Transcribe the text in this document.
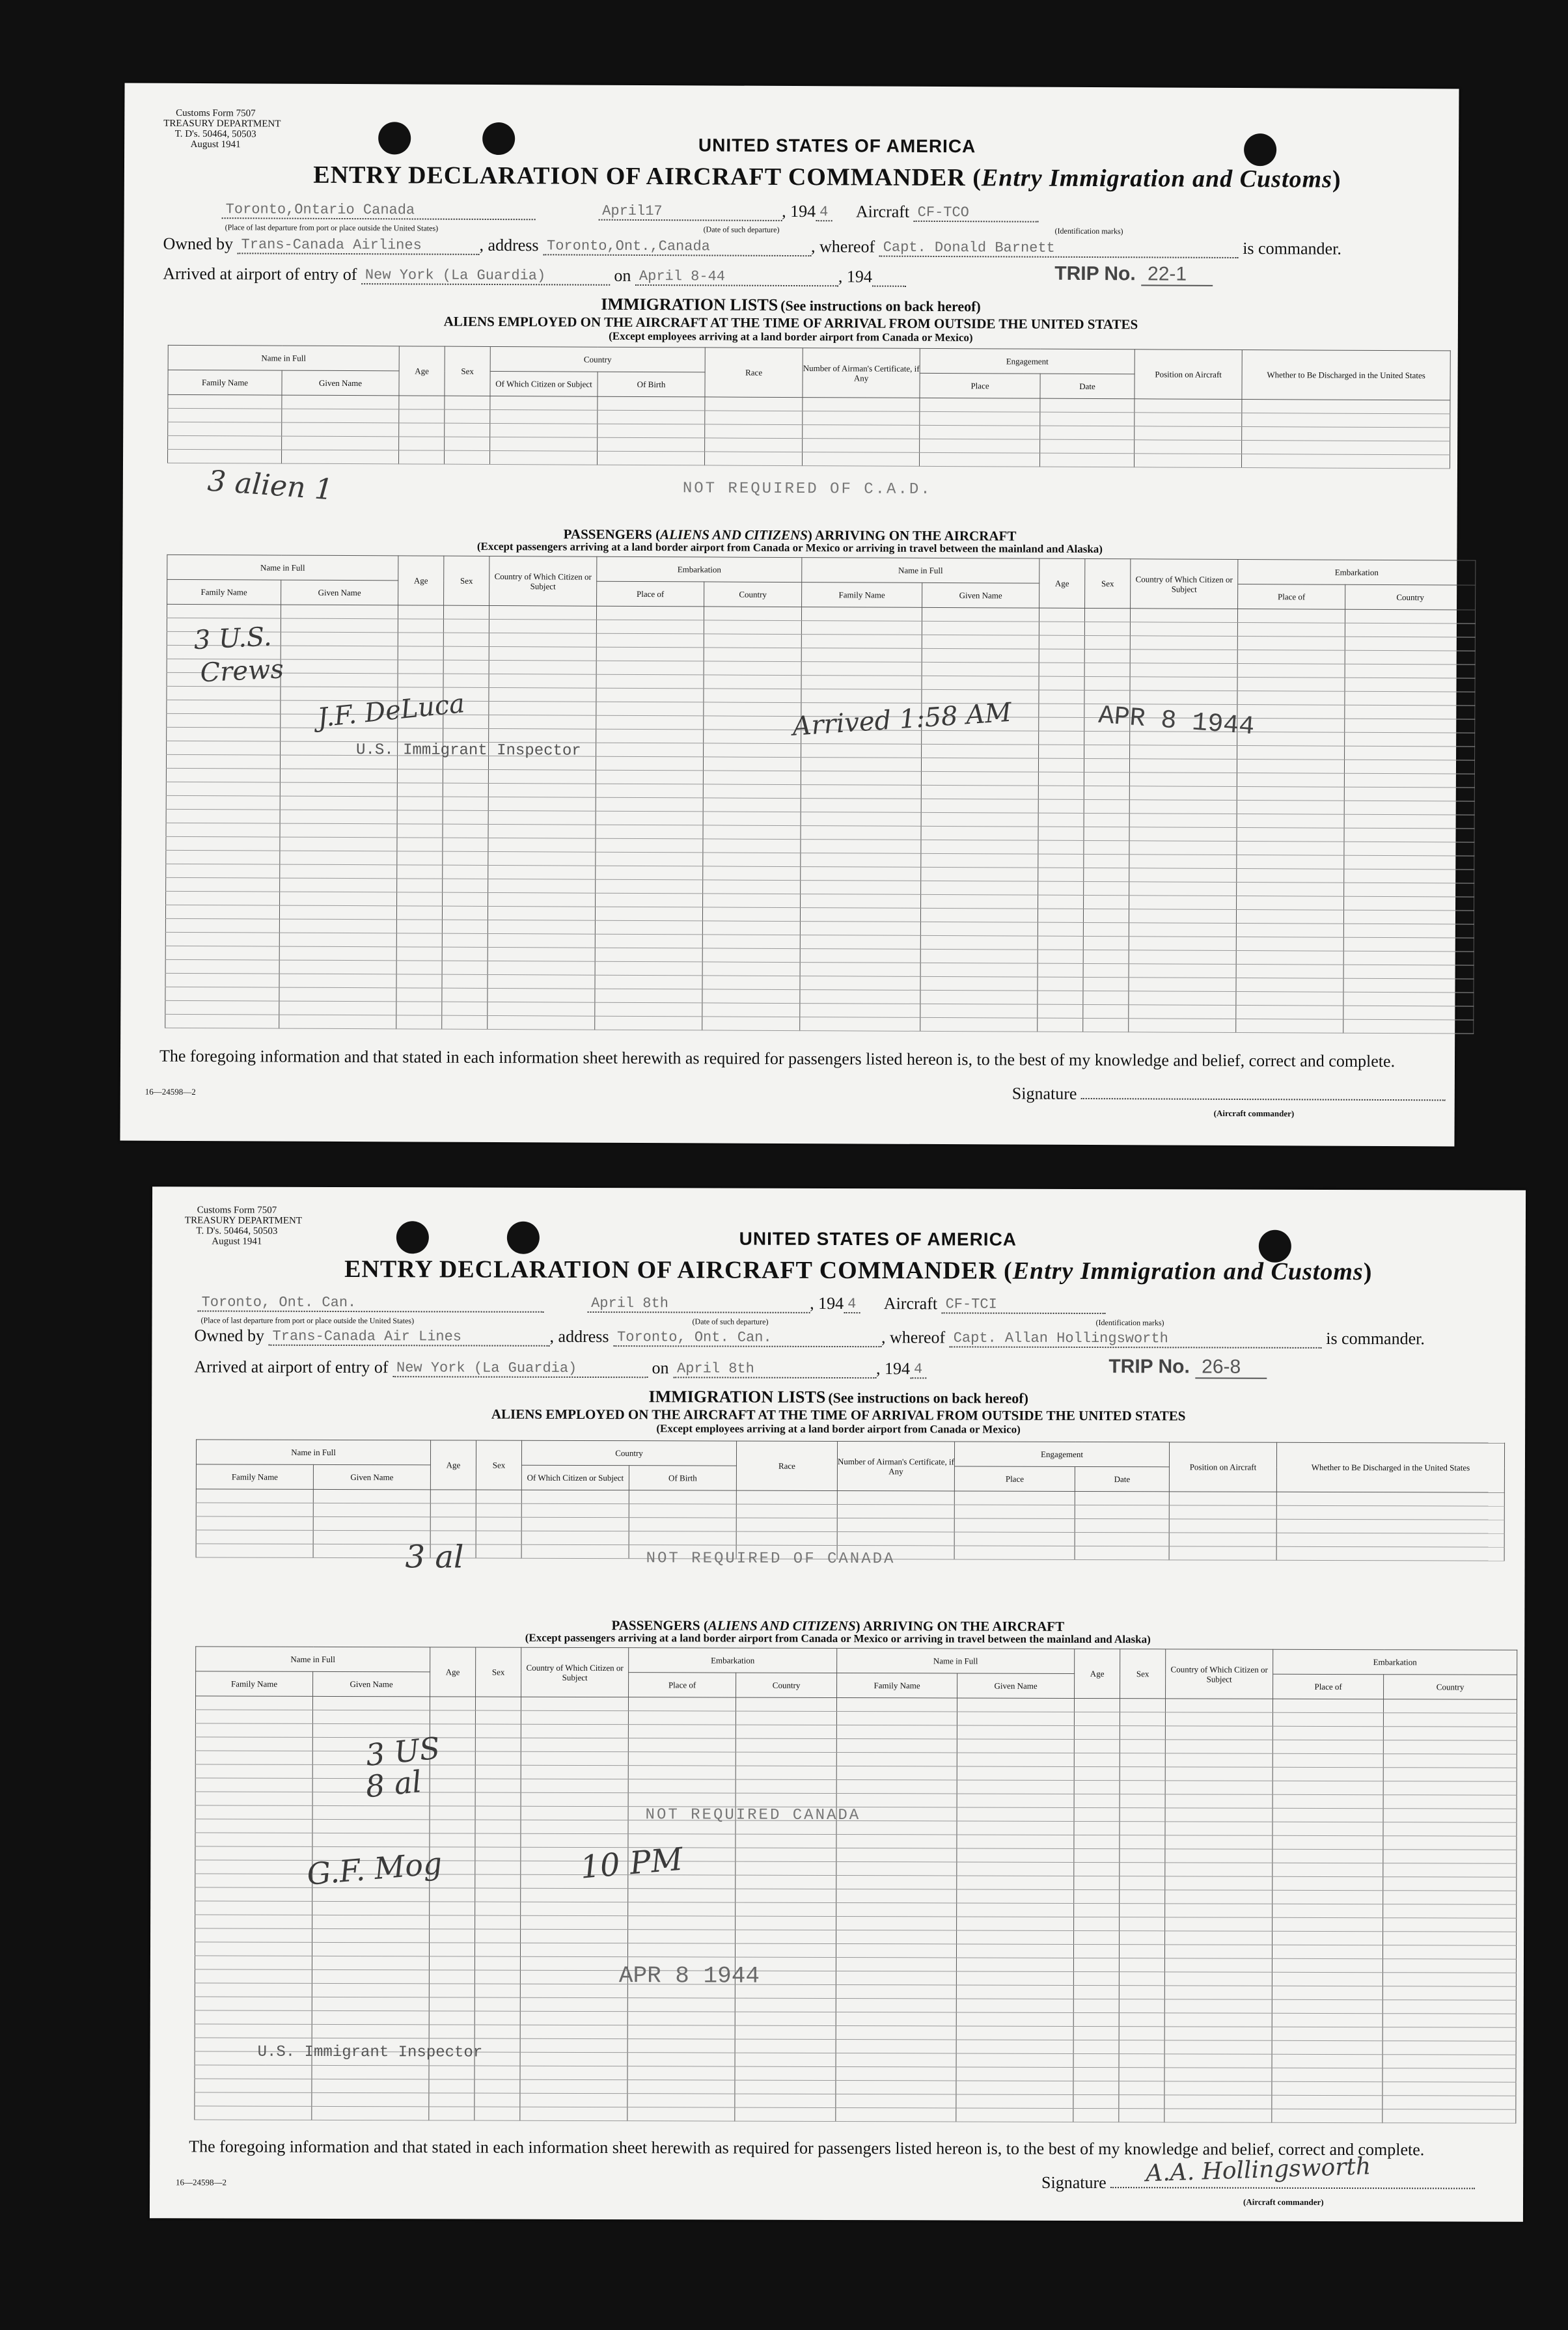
Customs Form 7507
TREASURY DEPARTMENT
T. D's. 50464, 50503
August 1941	UNITED STATES OF AMERICA
ENTRY DECLARATION OF AIRCRAFT COMMANDER (Entry Immigration and Customs)
Toronto,Ontario Canada	April17	, 194 4 Aircraft CF-TCO
(Place of last departure from port or place outside the United States)	(Date of such departure)	(Identification marks)
Owned by Trans-Canada Airlines	, address Toronto,Ont.,Canada	, whereof Capt. Donald Barnett	is commander.
Arrived at airport of entry of New York (La Guardia)	on April 8-44	, 194	TRIP No. 22-1
IMMIGRATION LISTS (See instructions on back hereof)
ALIENS EMPLOYED ON THE AIRCRAFT AT THE TIME OF ARRIVAL FROM OUTSIDE THE UNITED STATES
(Except employees arriving at a land border airport from Canada or Mexico)
Name in Full		Age	Sex	Country		Race	Number of Airman's Certificate, if Any	Engagement		Position on Aircraft	Whether to Be Discharged in the United States
Family Name	Given Name			Of Which Citizen or Subject	Of Birth			Place	Date		

3 alien 1	NOT REQUIRED OF C.A.D.
PASSENGERS (ALIENS AND CITIZENS) ARRIVING ON THE AIRCRAFT
(Except passengers arriving at a land border airport from Canada or Mexico or arriving in travel between the mainland and Alaska)
Name in Full		Age	Sex	Country of Which Citizen or Subject	Embarkation		Name in Full		Age	Sex	Country of Which Citizen or Subject	Embarkation	
Family Name	Given Name				Place of	Country	Family Name	Given Name				Place of	Country

3 U.S.
Crews
J.F. DeLuca
U.S. Immigrant Inspector
Arrived 1:58 AM	APR 8 1944
The foregoing information and that stated in each information sheet herewith as required for passengers listed hereon is, to the best of my knowledge and belief, correct and complete.
16—24598—2	Signature
(Aircraft commander)
Customs Form 7507
TREASURY DEPARTMENT
T. D's. 50464, 50503
August 1941	UNITED STATES OF AMERICA
ENTRY DECLARATION OF AIRCRAFT COMMANDER (Entry Immigration and Customs)
Toronto, Ont. Can.	April 8th	, 194 4 Aircraft CF-TCI
(Place of last departure from port or place outside the United States)	(Date of such departure)	(Identification marks)
Owned by Trans-Canada Air Lines	, address Toronto, Ont. Can.	, whereof Capt. Allan Hollingsworth	is commander.
Arrived at airport of entry of New York (La Guardia)	on April 8th	, 194 4	TRIP No. 26-8
IMMIGRATION LISTS (See instructions on back hereof)
ALIENS EMPLOYED ON THE AIRCRAFT AT THE TIME OF ARRIVAL FROM OUTSIDE THE UNITED STATES
(Except employees arriving at a land border airport from Canada or Mexico)
Name in Full		Age	Sex	Country		Race	Number of Airman's Certificate, if Any	Engagement		Position on Aircraft	Whether to Be Discharged in the United States
Family Name	Given Name			Of Which Citizen or Subject	Of Birth			Place	Date		

3 al	NOT REQUIRED OF CANADA
PASSENGERS (ALIENS AND CITIZENS) ARRIVING ON THE AIRCRAFT
(Except passengers arriving at a land border airport from Canada or Mexico or arriving in travel between the mainland and Alaska)
Name in Full		Age	Sex	Country of Which Citizen or Subject	Embarkation		Name in Full		Age	Sex	Country of Which Citizen or Subject	Embarkation	
Family Name	Given Name				Place of	Country	Family Name	Given Name				Place of	Country

3 US
8 al
NOT REQUIRED CANADA
G.F. Mog	10 PM
APR 8 1944
U.S. Immigrant Inspector
The foregoing information and that stated in each information sheet herewith as required for passengers listed hereon is, to the best of my knowledge and belief, correct and complete.
16—24598—2	Signature	A.A. Hollingsworth
(Aircraft commander)
